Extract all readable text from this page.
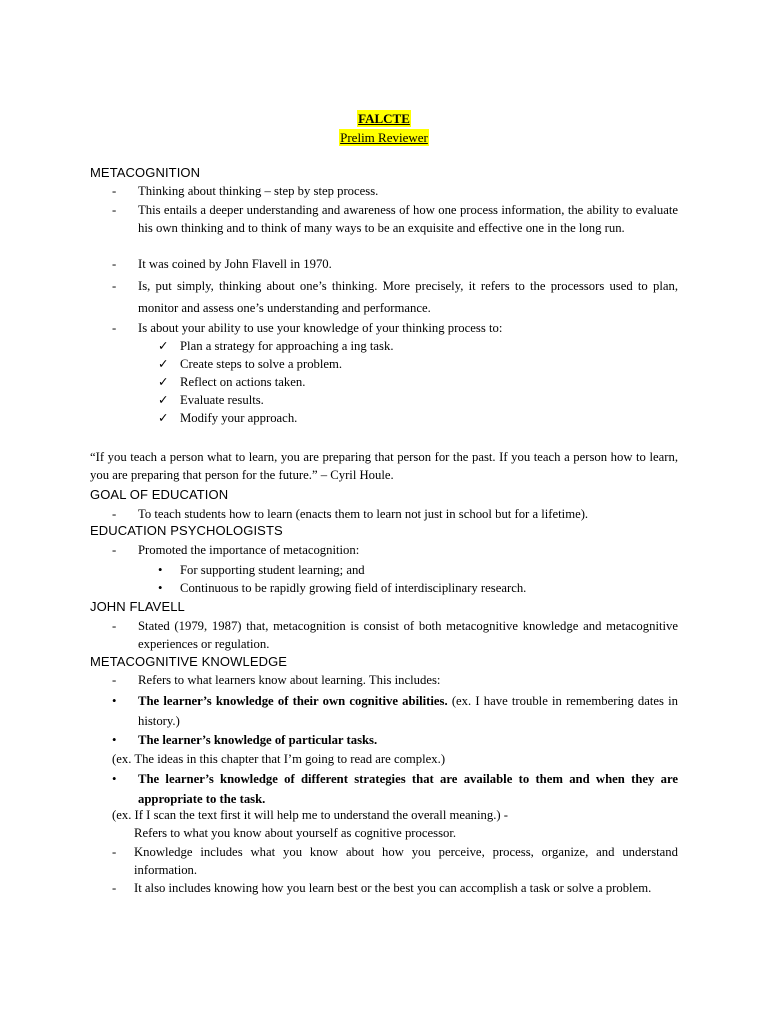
FALCTE
Prelim Reviewer
METACOGNITION
-	Thinking about thinking – step by step process.
-	This entails a deeper understanding and awareness of how one process information, the ability to evaluate his own thinking and to think of many ways to be an exquisite and effective one in the long run.
-	It was coined by John Flavell in 1970.
-	Is, put simply, thinking about one’s thinking. More precisely, it refers to the processors used to plan, monitor and assess one’s understanding and performance.
-	Is about your ability to use your knowledge of your thinking process to:
✓ Plan a strategy for approaching a ing task.
✓ Create steps to solve a problem.
✓ Reflect on actions taken.
✓ Evaluate results.
✓ Modify your approach.
“If you teach a person what to learn, you are preparing that person for the past. If you teach a person how to learn, you are preparing that person for the future.” – Cyril Houle.
GOAL OF EDUCATION
-	To teach students how to learn (enacts them to learn not just in school but for a lifetime).
EDUCATION PSYCHOLOGISTS
-	Promoted the importance of metacognition:
•	For supporting student learning; and
•	Continuous to be rapidly growing field of interdisciplinary research.
JOHN FLAVELL
-	Stated (1979, 1987) that, metacognition is consist of both metacognitive knowledge and metacognitive experiences or regulation.
METACOGNITIVE KNOWLEDGE
-	Refers to what learners know about learning. This includes:
•	The learner’s knowledge of their own cognitive abilities. (ex. I have trouble in remembering dates in history.)
•	The learner’s knowledge of particular tasks.
(ex. The ideas in this chapter that I’m going to read are complex.)
•	The learner’s knowledge of different strategies that are available to them and when they are appropriate to the task.
(ex. If I scan the text first it will help me to understand the overall meaning.) -
Refers to what you know about yourself as cognitive processor.
-	Knowledge includes what you know about how you perceive, process, organize, and understand information.
-	It also includes knowing how you learn best or the best you can accomplish a task or solve a problem.
